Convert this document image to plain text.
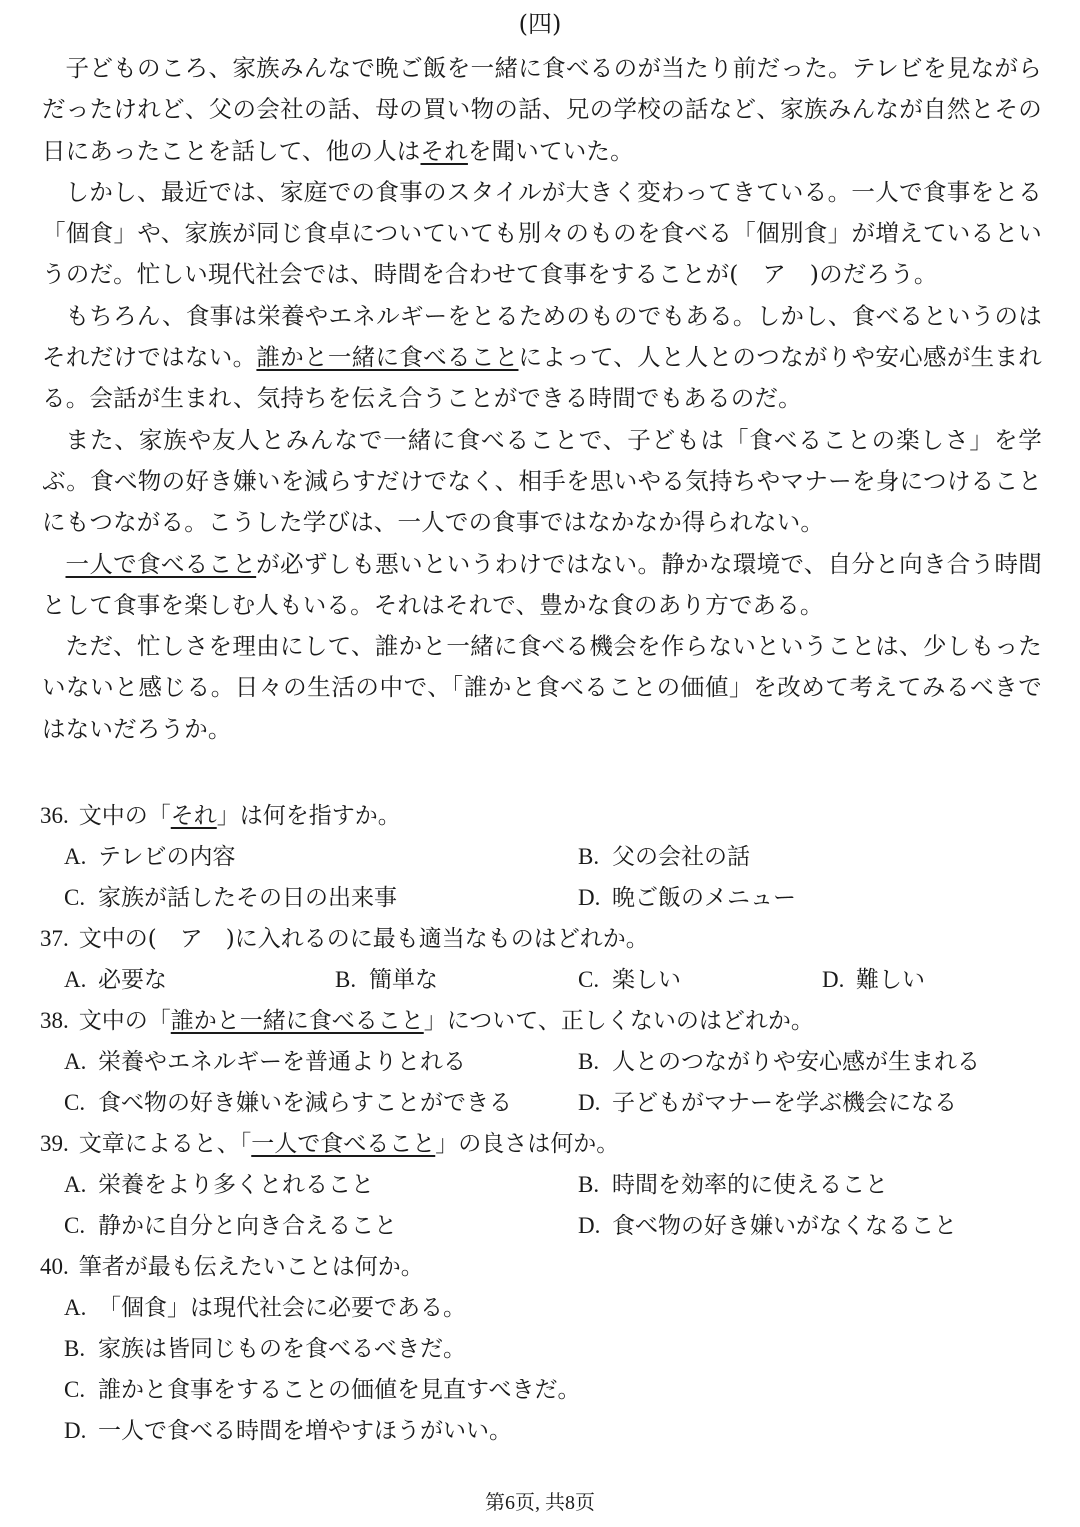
(四)

子どものころ、家族みんなで晩ご飯を一緒に食べるのが当たり前だった。テレビを見ながらだったけれど、父の会社の話、母の買い物の話、兄の学校の話など、家族みんなが自然とその日にあったことを話して、他の人はそれを聞いていた。

しかし、最近では、家庭での食事のスタイルが大きく変わってきている。一人で食事をとる「個食」や、家族が同じ食卓についていても別々のものを食べる「個別食」が増えているというのだ。忙しい現代社会では、時間を合わせて食事をすることが(　ア　)のだろう。

もちろん、食事は栄養やエネルギーをとるためのものでもある。しかし、食べるというのはそれだけではない。誰かと一緒に食べることによって、人と人とのつながりや安心感が生まれる。会話が生まれ、気持ちを伝え合うことができる時間でもあるのだ。

また、家族や友人とみんなで一緒に食べることで、子どもは「食べることの楽しさ」を学ぶ。食べ物の好き嫌いを減らすだけでなく、相手を思いやる気持ちやマナーを身につけることにもつながる。こうした学びは、一人での食事ではなかなか得られない。

一人で食べることが必ずしも悪いというわけではない。静かな環境で、自分と向き合う時間として食事を楽しむ人もいる。それはそれで、豊かな食のあり方である。

ただ、忙しさを理由にして、誰かと一緒に食べる機会を作らないということは、少しもったいないと感じる。日々の生活の中で、「誰かと食べることの価値」を改めて考えてみるべきではないだろうか。

36. 文中の「それ」は何を指すか。
A. テレビの内容	B. 父の会社の話
C. 家族が話したその日の出来事	D. 晩ご飯のメニュー
37. 文中の(　ア　)に入れるのに最も適当なものはどれか。
A. 必要な	B. 簡単な	C. 楽しい	D. 難しい
38. 文中の「誰かと一緒に食べること」について、正しくないのはどれか。
A. 栄養やエネルギーを普通よりとれる	B. 人とのつながりや安心感が生まれる
C. 食べ物の好き嫌いを減らすことができる	D. 子どもがマナーを学ぶ機会になる
39. 文章によると、「一人で食べること」の良さは何か。
A. 栄養をより多くとれること	B. 時間を効率的に使えること
C. 静かに自分と向き合えること	D. 食べ物の好き嫌いがなくなること
40. 筆者が最も伝えたいことは何か。
A. 「個食」は現代社会に必要である。
B. 家族は皆同じものを食べるべきだ。
C. 誰かと食事をすることの価値を見直すべきだ。
D. 一人で食べる時間を増やすほうがいい。
第6页, 共8页
